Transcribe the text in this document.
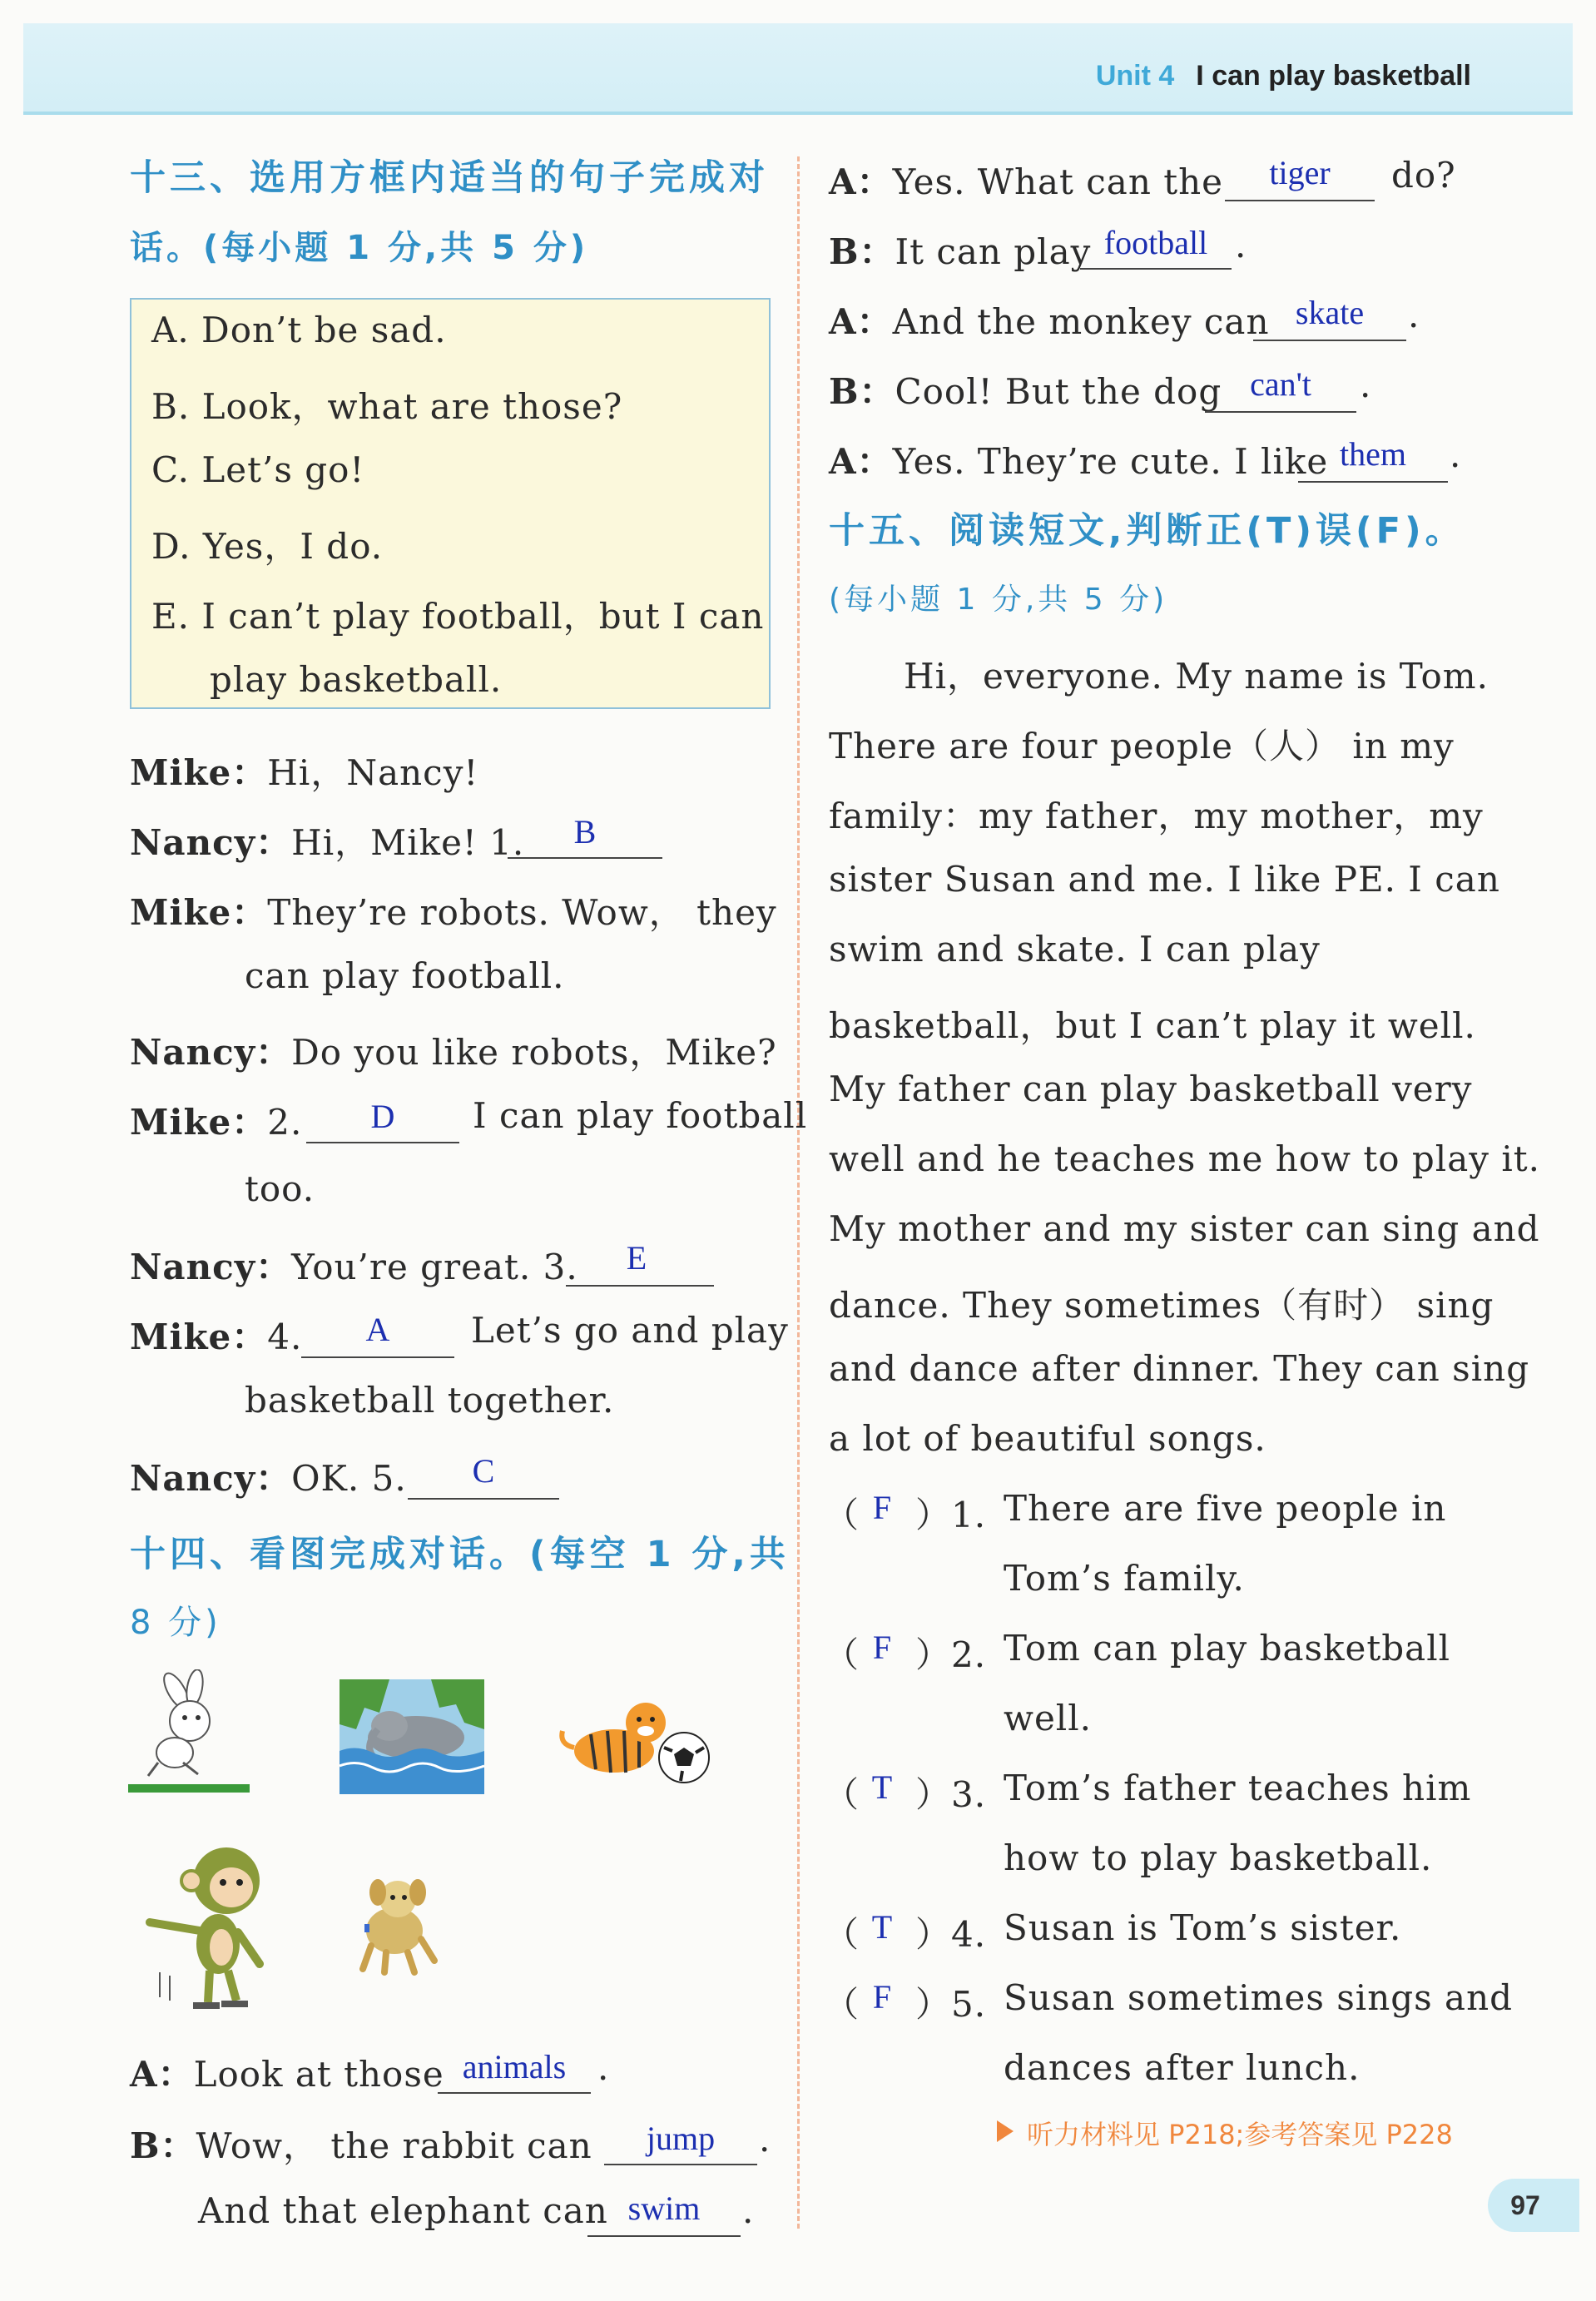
Unit 4 I can play basketball
十三、选用方框内适当的句子完成对
话。(每小题 1 分,共 5 分)
A. Don’t be sad.
B. Look，what are those?
C. Let’s go!
D. Yes，I do.
E. I can’t play football，but I can
play basketball.
Mike：Hi，Nancy!
Nancy：Hi，Mike! 1.	B
Mike：They’re robots. Wow， they
can play football.
Nancy：Do you like robots，Mike?
Mike：2.	D	I can play football
too.
Nancy：You’re great. 3.	E
Mike：4.	A	Let’s go and play
basketball together.
Nancy：OK. 5.	C
十四、看图完成对话。(每空 1 分,共
8 分)
A：Look at those animals .
B：Wow， the rabbit can	jump	.
And that elephant can swim	.
A：Yes. What can the	tiger	do?
B：It can play football .
A：And the monkey can skate	.
B：Cool! But the dog can't	.
A：Yes. They’re cute. I like them	.
十五、阅读短文,判断正(T)误(F)。
(每小题 1 分,共 5 分)
Hi，everyone. My name is Tom.
There are four people（人） in my
family：my father，my mother，my
sister Susan and me. I like PE. I can
swim and skate. I can play
basketball，but I can’t play it well.
My father can play basketball very
well and he teaches me how to play it.
My mother and my sister can sing and
dance. They sometimes（有时） sing
and dance after dinner. They can sing
a lot of beautiful songs.
（ F ）1. There are five people in
Tom’s family.
（ F ）2. Tom can play basketball
well.
（ T ）3. Tom’s father teaches him
how to play basketball.
（ T ）4. Susan is Tom’s sister.
（ F ）5. Susan sometimes sings and
dances after lunch.
听力材料见 P218;参考答案见 P228
97
